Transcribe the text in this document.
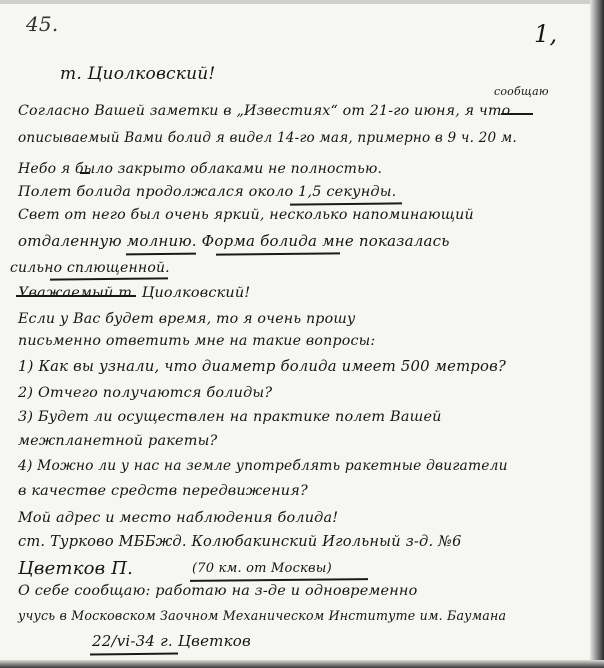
45.	1,
т. Циолковский!
сообщаю
Согласно Вашей заметки в „Известиях“ от 21-го июня, я что
описываемый Вами болид я видел 14-го мая, примерно в 9 ч. 20 м.
Небо я было закрыто облаками не полностью.
Полет болида продолжался около 1,5 секунды.
Свет от него был очень яркий, несколько напоминающий
отдаленную молнию. Форма болида мне показалась
сильно сплющенной.
Уважаемый т. Циолковский!
Если у Вас будет время, то я очень прошу
письменно ответить мне на такие вопросы:
1) Как вы узнали, что диаметр болида имеет 500 метров?
2) Отчего получаются болиды?
3) Будет ли осуществлен на практике полет Вашей
межпланетной ракеты?
4) Можно ли у нас на земле употреблять ракетные двигатели
в качестве средств передвижения?
Мой адрес и место наблюдения болида!
ст. Турково МББжд. Колюбакинский Игольный з-д. №6
Цветков П.	(70 км. от Москвы)
О себе сообщаю: работаю на з-де и одновременно
учусь в Московском Заочном Механическом Институте им. Баумана
22/vi-34 г. Цветков
